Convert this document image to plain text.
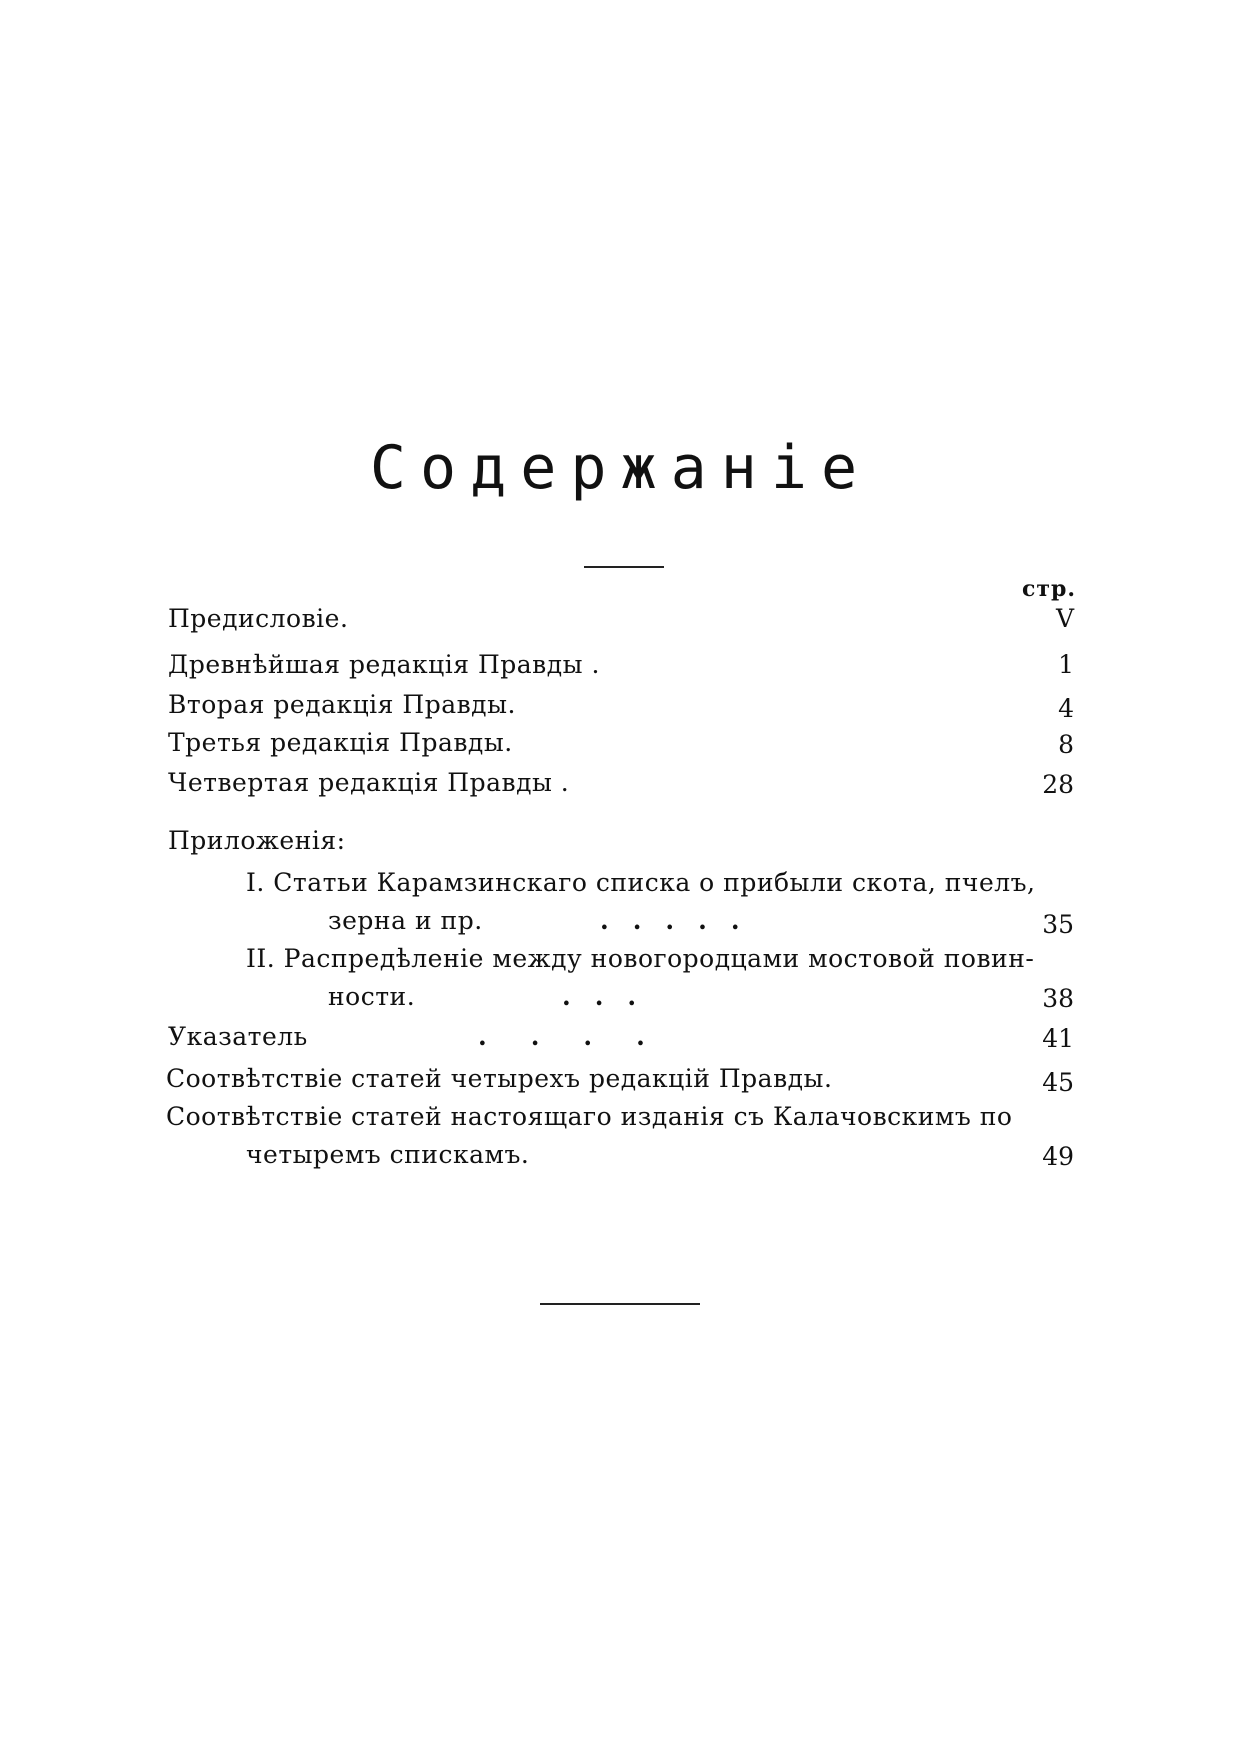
Содержаніе
стр.
Предисловіе.	V
Древнѣйшая редакція Правды .	1
Вторая редакція Правды.	4
Третья редакція Правды.	8
Четвертая редакція Правды .	28
Приложенія:
I. Статьи Карамзинскаго списка о прибыли скота, пчелъ,
зерна и пр.	.....	35
II. Распредѣленіе между новогородцами мостовой повин-
ности.	...	38
Указатель	....	41
Соотвѣтствіе статей четырехъ редакцій Правды.	45
Соотвѣтствіе статей настоящаго изданія съ Калачовскимъ по
четыремъ спискамъ.	49
